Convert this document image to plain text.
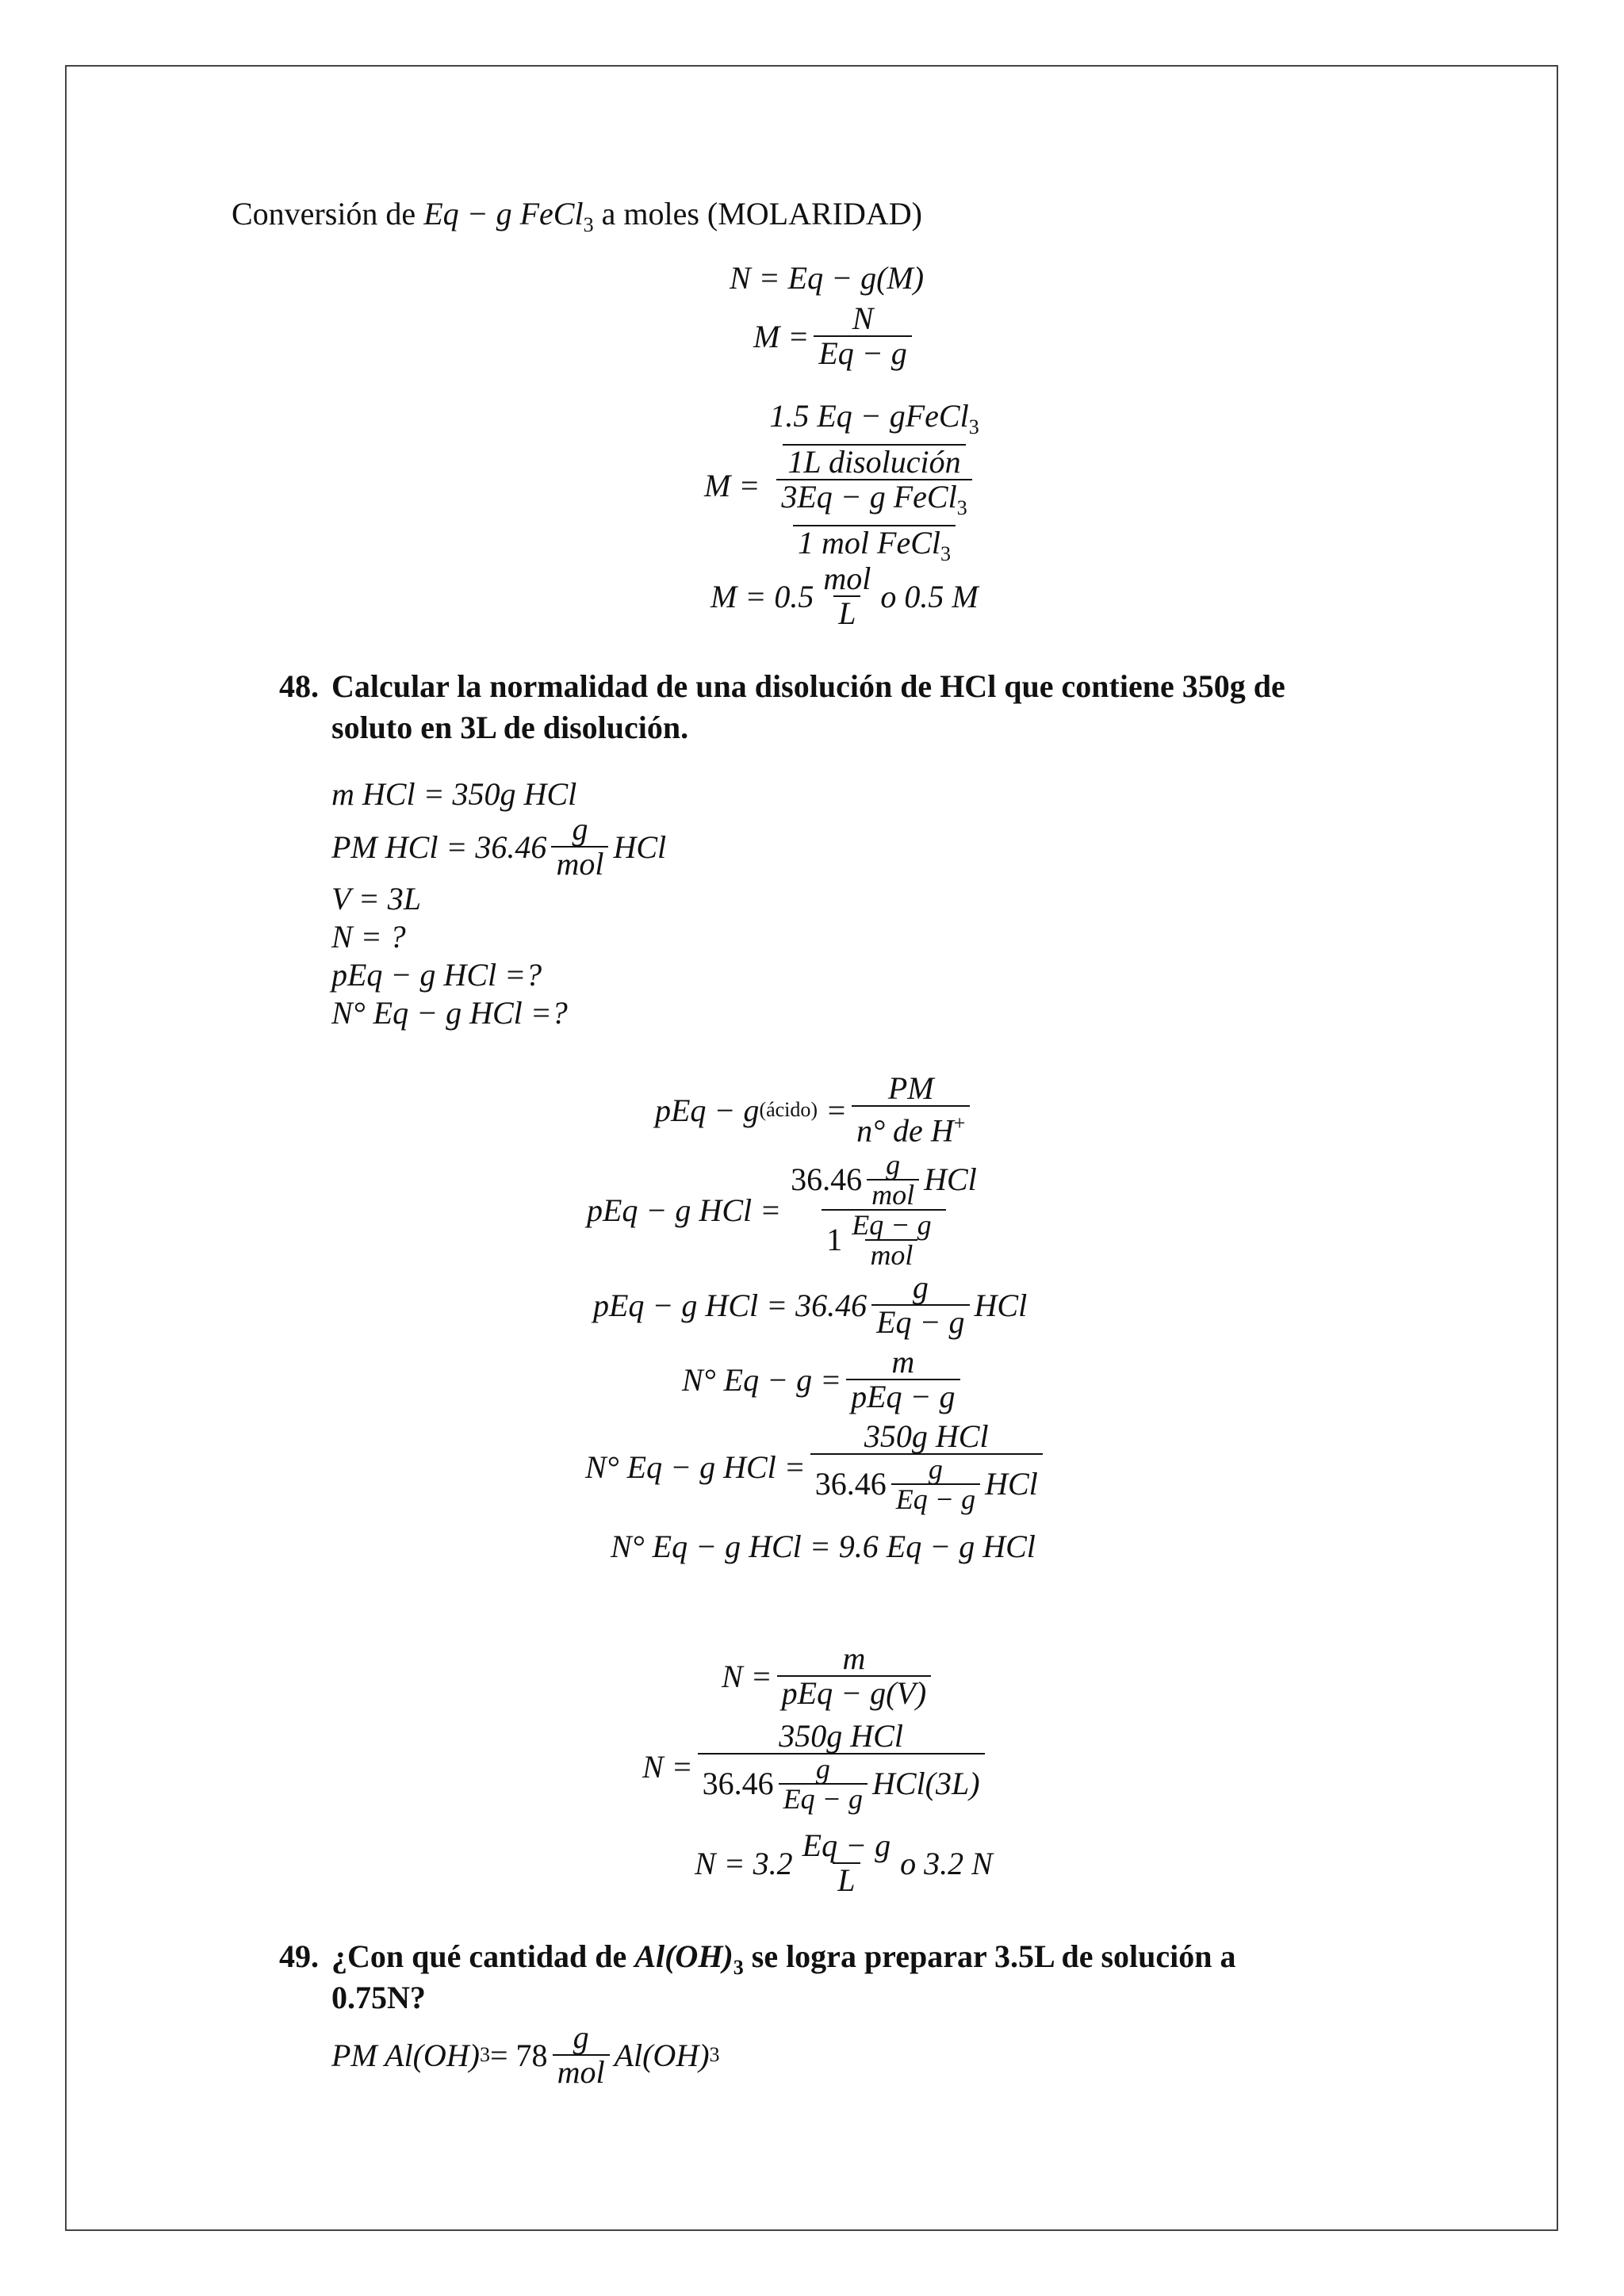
Conversión de Eq − g FeCl$_3$ a moles (MOLARIDAD)
N = Eq − g(M)
$M = \frac{N}{Eq - g}$
$M = \frac{\frac{1.5 Eq - gFeCl_3}{\text{1L disolución}}}{\frac{3Eq - g FeCl_3}{1 mol FeCl_3}}$
$M = 0.5 \frac{\text{mol}}{L}$ o 0.5 M
48. Calcular la normalidad de una disolución de HCl que contiene 350g de
soluto en 3L de disolución.
m HCl = 350g HCl
PM HCl = $36.46 \frac{g}{\text{mol}}$ HCl
V = 3L
N = ?
pEq − g HCl =?
N° Eq − g HCl =?
pEq − g (ácido) = $\frac{PM}{n^\circ de H^+}$
pEq − g HCl = $\frac{36.46 \frac{g}{\text{mol}} HCl}{1 \frac{Eq - g}{\text{mol}}}$
pEq − g HCl = $36.46 \frac{g}{Eq - g}$ HCl
N° $Eq - g = \frac{m}{\text{pEq − g}}$
N° Eq − g HCl = $\frac{\text{350g HCl}}{36.46 \frac{g}{Eq - g} HCl}$
N° Eq − g HCl = 9.6 Eq − g HCl
$N = \frac{m}{\text{pEq − g(V)}}$
$N = \frac{\text{350g HCl}}{36.46 \frac{g}{Eq - g} HCl(3L)}$
$N = 3.2 \frac{Eq - g}{L}$ o 3.2 N
49. ¿Con qué cantidad de $Al(OH)_3$ se logra preparar 3.5L de solución a
0.75N?
PM Al(OH) $3 = 78 \frac{g}{\text{mol}} Al(OH)$ 3
